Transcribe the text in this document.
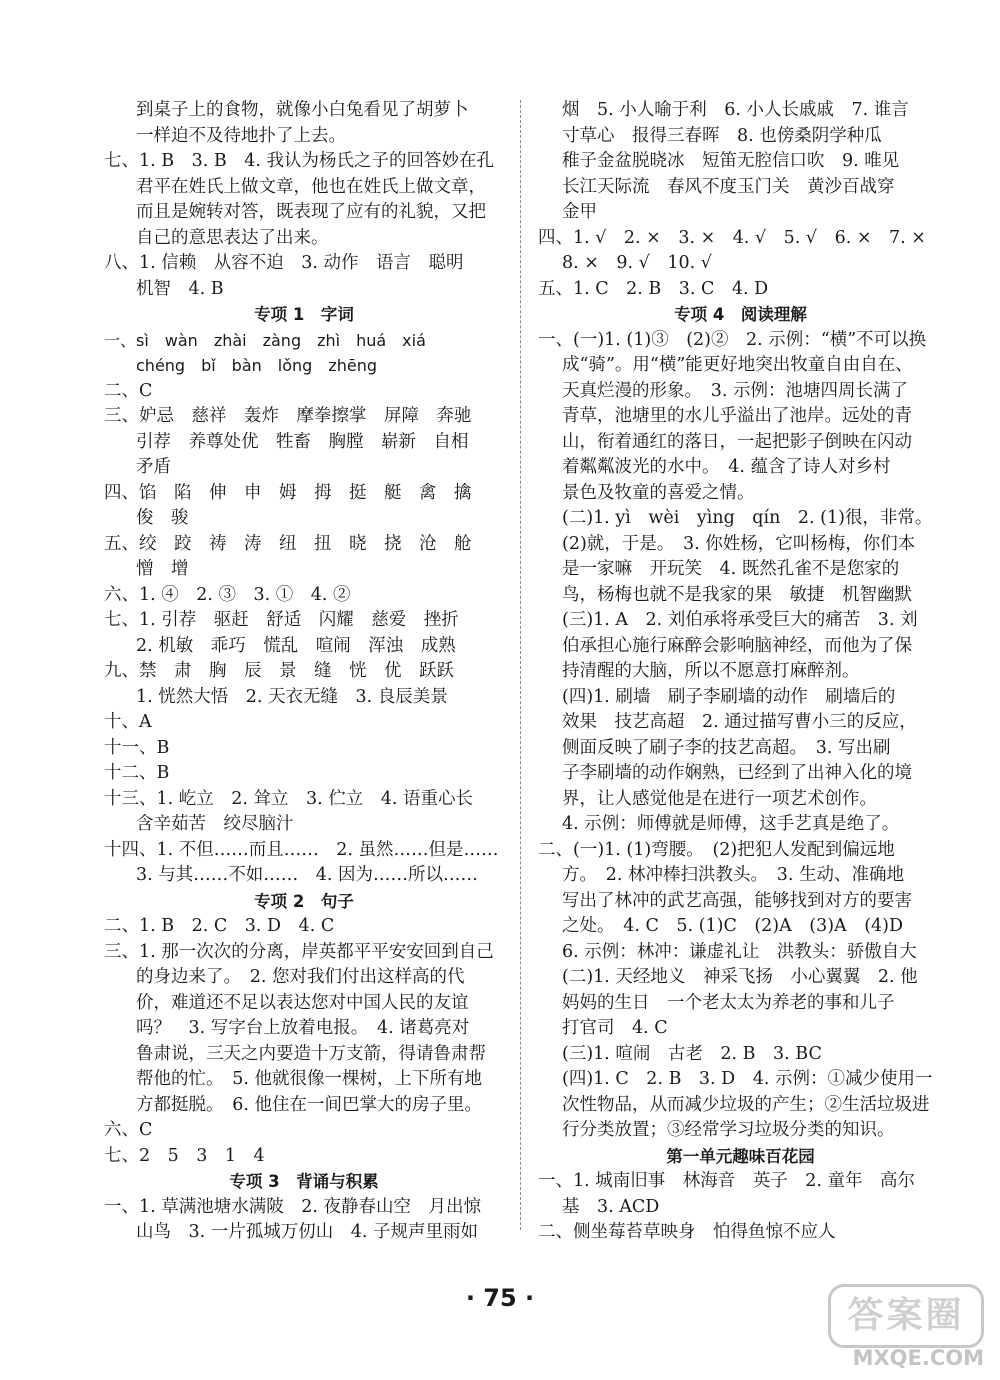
到桌子上的食物，就像小白兔看见了胡萝卜
一样迫不及待地扑了上去。
七、1. B　3. B　4. 我认为杨氏之子的回答妙在孔
君平在姓氏上做文章，他也在姓氏上做文章，
而且是婉转对答，既表现了应有的礼貌，又把
自己的意思表达了出来。
八、1. 信赖　从容不迫　3. 动作　语言　聪明
机智　4. B
专项 1　字词
一、sì　wàn　zhài　zàng　zhì　huá　xiá
chéng　bǐ　bàn　lǒng　zhēng
二、C
三、妒忌　慈祥　轰炸　摩拳擦掌　屏障　奔驰
引荐　养尊处优　牲畜　胸膛　崭新　自相
矛盾
四、馅　陷　伸　申　姆　拇　挺　艇　禽　擒
俊　骏
五、绞　跤　祷　涛　纽　扭　晓　挠　沧　舱
憎　增
六、1. ④　2. ③　3. ①　4. ②
七、1. 引荐　驱赶　舒适　闪耀　慈爱　挫折
2. 机敏　乖巧　慌乱　喧闹　浑浊　成熟
九、禁　肃　胸　辰　景　缝　恍　优　跃跃
1. 恍然大悟　2. 天衣无缝　3. 良辰美景
十、A
十一、B
十二、B
十三、1. 屹立　2. 耸立　3. 伫立　4. 语重心长
含辛茹苦　绞尽脑汁
十四、1. 不但……而且……　2. 虽然……但是……
3. 与其……不如……　4. 因为……所以……
专项 2　句子
二、1. B　2. C　3. D　4. C
三、1. 那一次次的分离，岸英都平平安安回到自己
的身边来了。　2. 您对我们付出这样高的代
价，难道还不足以表达您对中国人民的友谊
吗？　3. 写字台上放着电报。　4. 诸葛亮对
鲁肃说，三天之内要造十万支箭，得请鲁肃帮
帮他的忙。　5. 他就很像一棵树，上下所有地
方都挺脱。　6. 他住在一间巴掌大的房子里。
六、C
七、2　5　3　1　4
专项 3　背诵与积累
一、1. 草满池塘水满陂　2. 夜静春山空　月出惊
山鸟　3. 一片孤城万仞山　4. 子规声里雨如
烟　5. 小人喻于利　6. 小人长戚戚　7. 谁言
寸草心　报得三春晖　8. 也傍桑阴学种瓜
稚子金盆脱晓冰　短笛无腔信口吹　9. 唯见
长江天际流　春风不度玉门关　黄沙百战穿
金甲
四、1. √　2. ×　3. ×　4. √　5. √　6. ×　7. ×
8. ×　9. √　10. √
五、1. C　2. B　3. C　4. D
专项 4　阅读理解
一、(一)1. (1)③　(2)②　2. 示例：“横”不可以换
成“骑”。用“横”能更好地突出牧童自由自在、
天真烂漫的形象。　3. 示例：池塘四周长满了
青草，池塘里的水儿乎溢出了池岸。远处的青
山，衔着通红的落日，一起把影子倒映在闪动
着粼粼波光的水中。　4. 蕴含了诗人对乡村
景色及牧童的喜爱之情。
(二)1. yì　wèi　yìng　qín　2. (1)很，非常。
(2)就，于是。　3. 你姓杨，它叫杨梅，你们本
是一家嘛　开玩笑　4. 既然孔雀不是您家的
鸟，杨梅也就不是我家的果　敏捷　机智幽默
(三)1. A　2. 刘伯承将承受巨大的痛苦　3. 刘
伯承担心施行麻醉会影响脑神经，而他为了保
持清醒的大脑，所以不愿意打麻醉剂。
(四)1. 刷墙　刷子李刷墙的动作　刷墙后的
效果　技艺高超　2. 通过描写曹小三的反应，
侧面反映了刷子李的技艺高超。　3. 写出刷
子李刷墙的动作娴熟，已经到了出神入化的境
界，让人感觉他是在进行一项艺术创作。
4. 示例：师傅就是师傅，这手艺真是绝了。
二、(一)1. (1)弯腰。　(2)把犯人发配到偏远地
方。　2. 林冲棒扫洪教头。　3. 生动、准确地
写出了林冲的武艺高强，能够找到对方的要害
之处。　4. C　5. (1)C　(2)A　(3)A　(4)D
6. 示例：林冲：谦虚礼让　洪教头：骄傲自大
(二)1. 天经地义　神采飞扬　小心翼翼　2. 他
妈妈的生日　一个老太太为养老的事和儿子
打官司　4. C
(三)1. 喧闹　古老　2. B　3. BC
(四)1. C　2. B　3. D　4. 示例：①减少使用一
次性物品，从而减少垃圾的产生；②生活垃圾进
行分类放置；③经常学习垃圾分类的知识。
第一单元趣味百花园
一、1. 城南旧事　林海音　英子　2. 童年　高尔
基　3. ACD
二、侧坐莓苔草映身　怕得鱼惊不应人
· 75 ·	答案圈
MXQE.COM
